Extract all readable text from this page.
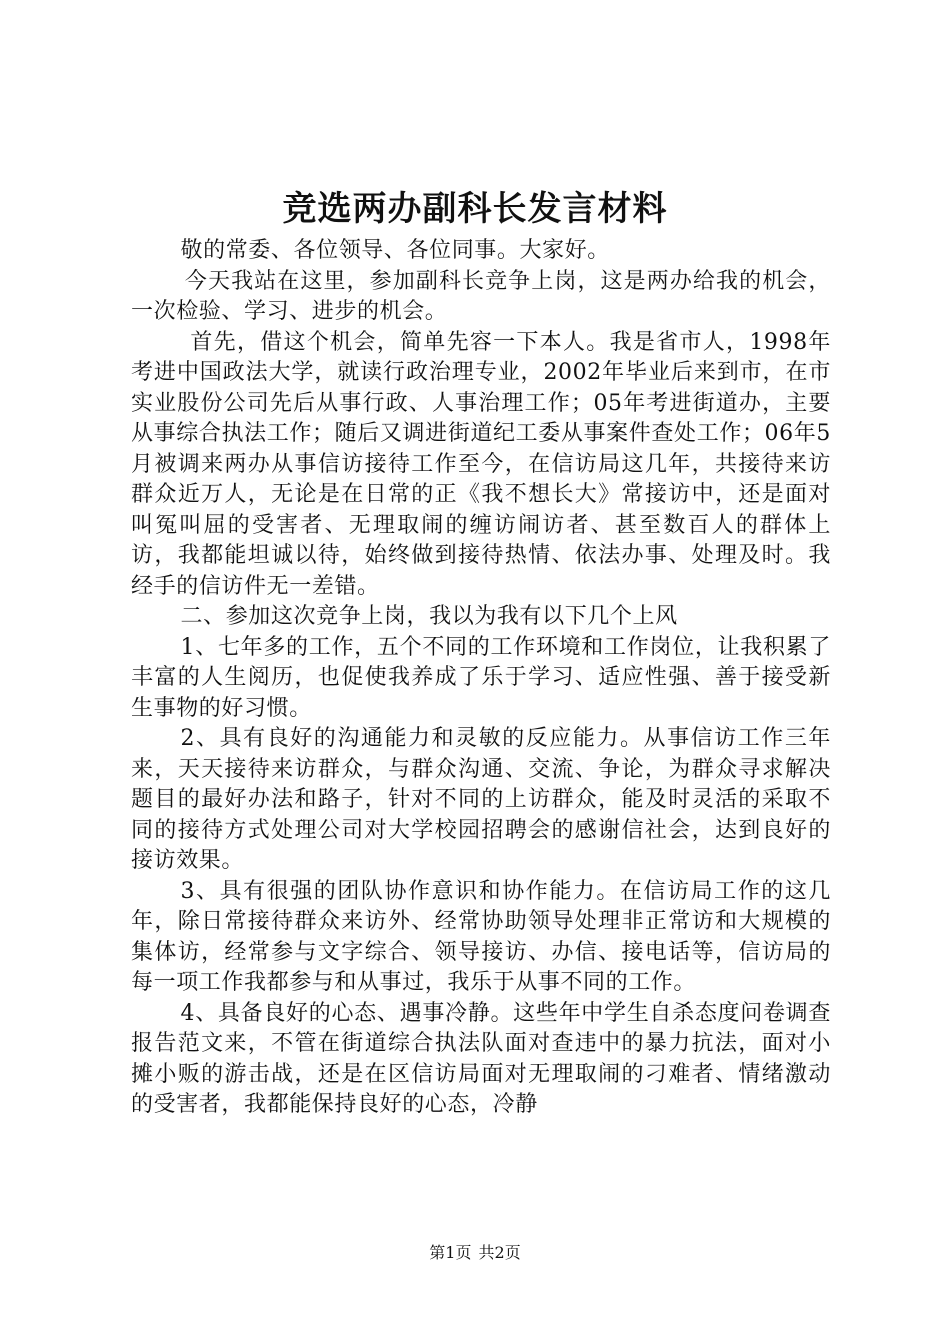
竞选两办副科长发言材料

敬的常委、各位领导、各位同事。大家好。

今天我站在这里，参加副科长竞争上岗，这是两办给我的机会，一次检验、学习、进步的机会。

首先，借这个机会，简单先容一下本人。我是省市人，1998年考进中国政法大学，就读行政治理专业，2002年毕业后来到市，在市实业股份公司先后从事行政、人事治理工作；05年考进街道办，主要从事综合执法工作；随后又调进街道纪工委从事案件查处工作；06年5月被调来两办从事信访接待工作至今，在信访局这几年，共接待来访群众近万人，无论是在日常的正《我不想长大》常接访中，还是面对叫冤叫屈的受害者、无理取闹的缠访闹访者、甚至数百人的群体上访，我都能坦诚以待，始终做到接待热情、依法办事、处理及时。我经手的信访件无一差错。

二、参加这次竞争上岗，我以为我有以下几个上风

1、七年多的工作，五个不同的工作环境和工作岗位，让我积累了丰富的人生阅历，也促使我养成了乐于学习、适应性强、善于接受新生事物的好习惯。

2、具有良好的沟通能力和灵敏的反应能力。从事信访工作三年来，天天接待来访群众，与群众沟通、交流、争论，为群众寻求解决题目的最好办法和路子，针对不同的上访群众，能及时灵活的采取不同的接待方式处理公司对大学校园招聘会的感谢信社会，达到良好的接访效果。

3、具有很强的团队协作意识和协作能力。在信访局工作的这几年，除日常接待群众来访外、经常协助领导处理非正常访和大规模的集体访，经常参与文字综合、领导接访、办信、接电话等，信访局的每一项工作我都参与和从事过，我乐于从事不同的工作。

4、具备良好的心态、遇事冷静。这些年中学生自杀态度问卷调查报告范文来，不管在街道综合执法队面对查违中的暴力抗法，面对小摊小贩的游击战，还是在区信访局面对无理取闹的刁难者、情绪激动的受害者，我都能保持良好的心态，冷静

第1页 共2页
